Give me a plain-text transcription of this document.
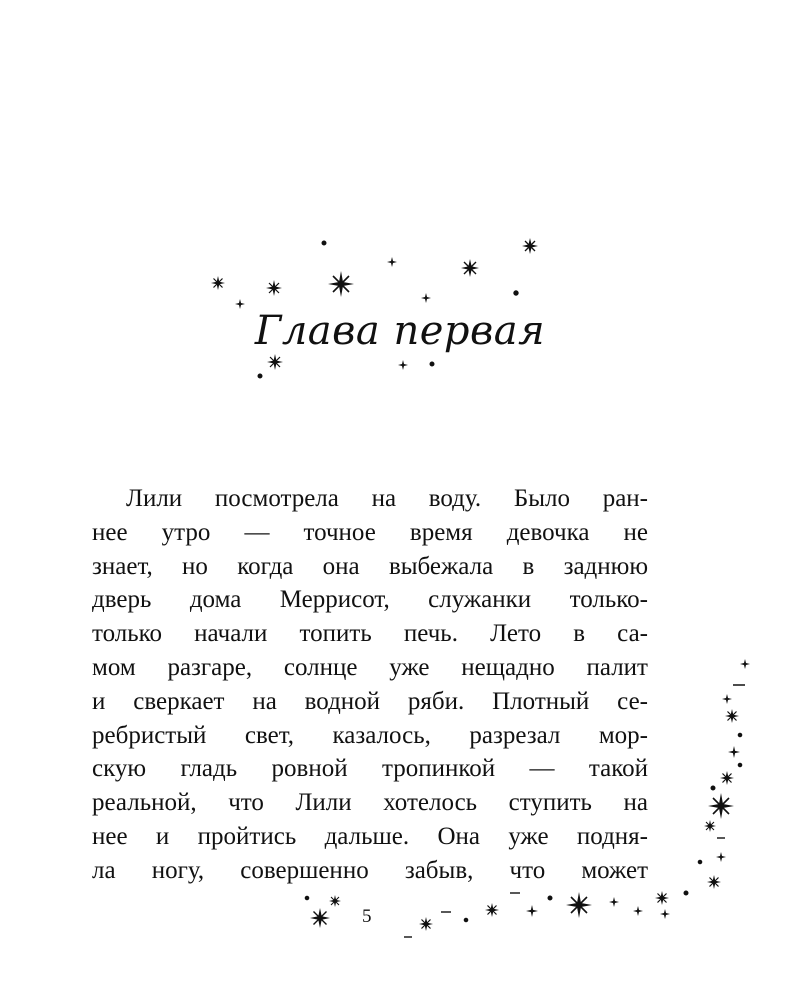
Глава первая
Лили посмотрела на воду. Было ран-
нее утро — точное время девочка не
знает, но когда она выбежала в заднюю
дверь дома Меррисот, служанки только-
только начали топить печь. Лето в са-
мом разгаре, солнце уже нещадно палит
и сверкает на водной ряби. Плотный се-
ребристый свет, казалось, разрезал мор-
скую гладь ровной тропинкой — такой
реальной, что Лили хотелось ступить на
нее и пройтись дальше. Она уже подня-
ла ногу, совершенно забыв, что может
5
